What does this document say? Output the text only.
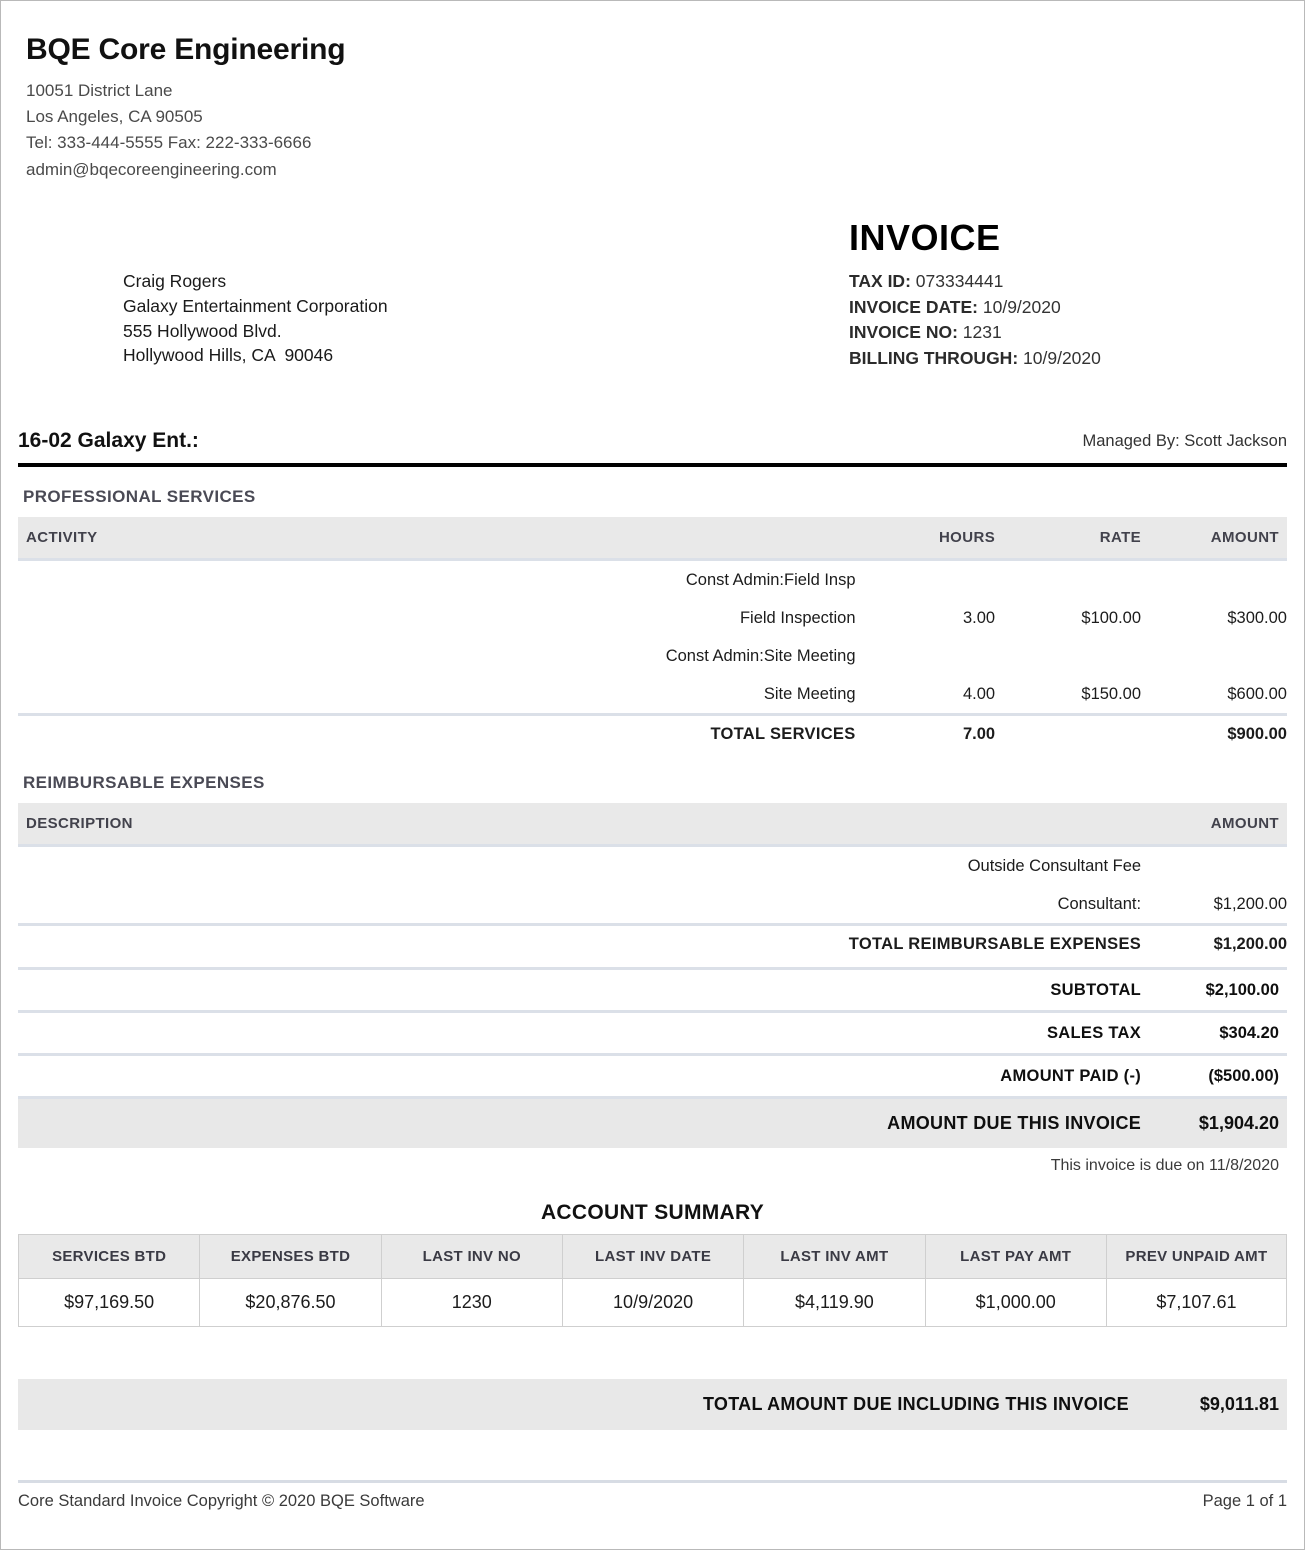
BQE Core Engineering
10051 District Lane
Los Angeles, CA 90505
Tel: 333-444-5555 Fax: 222-333-6666
admin@bqecoreengineering.com
INVOICE
TAX ID: 073334441
INVOICE DATE: 10/9/2020
INVOICE NO: 1231
BILLING THROUGH: 10/9/2020
Craig Rogers
Galaxy Entertainment Corporation
555 Hollywood Blvd.
Hollywood Hills, CA  90046
16-02 Galaxy Ent.:	Managed By: Scott Jackson
PROFESSIONAL SERVICES
ACTIVITY	HOURS	RATE	AMOUNT
Const Admin:Field Insp			
Field Inspection	3.00	$100.00	$300.00
Const Admin:Site Meeting			
Site Meeting	4.00	$150.00	$600.00
TOTAL SERVICES	7.00		$900.00
REIMBURSABLE EXPENSES
DESCRIPTION	AMOUNT
Outside Consultant Fee	
Consultant:	$1,200.00
TOTAL REIMBURSABLE EXPENSES	$1,200.00
SUBTOTAL	$2,100.00
SALES TAX	$304.20
AMOUNT PAID (-)	($500.00)
AMOUNT DUE THIS INVOICE	$1,904.20
This invoice is due on 11/8/2020
ACCOUNT SUMMARY
SERVICES BTD	EXPENSES BTD	LAST INV NO	LAST INV DATE	LAST INV AMT	LAST PAY AMT	PREV UNPAID AMT
$97,169.50	$20,876.50	1230	10/9/2020	$4,119.90	$1,000.00	$7,107.61
TOTAL AMOUNT DUE INCLUDING THIS INVOICE	$9,011.81
Core Standard Invoice Copyright © 2020 BQE Software	Page 1 of 1
